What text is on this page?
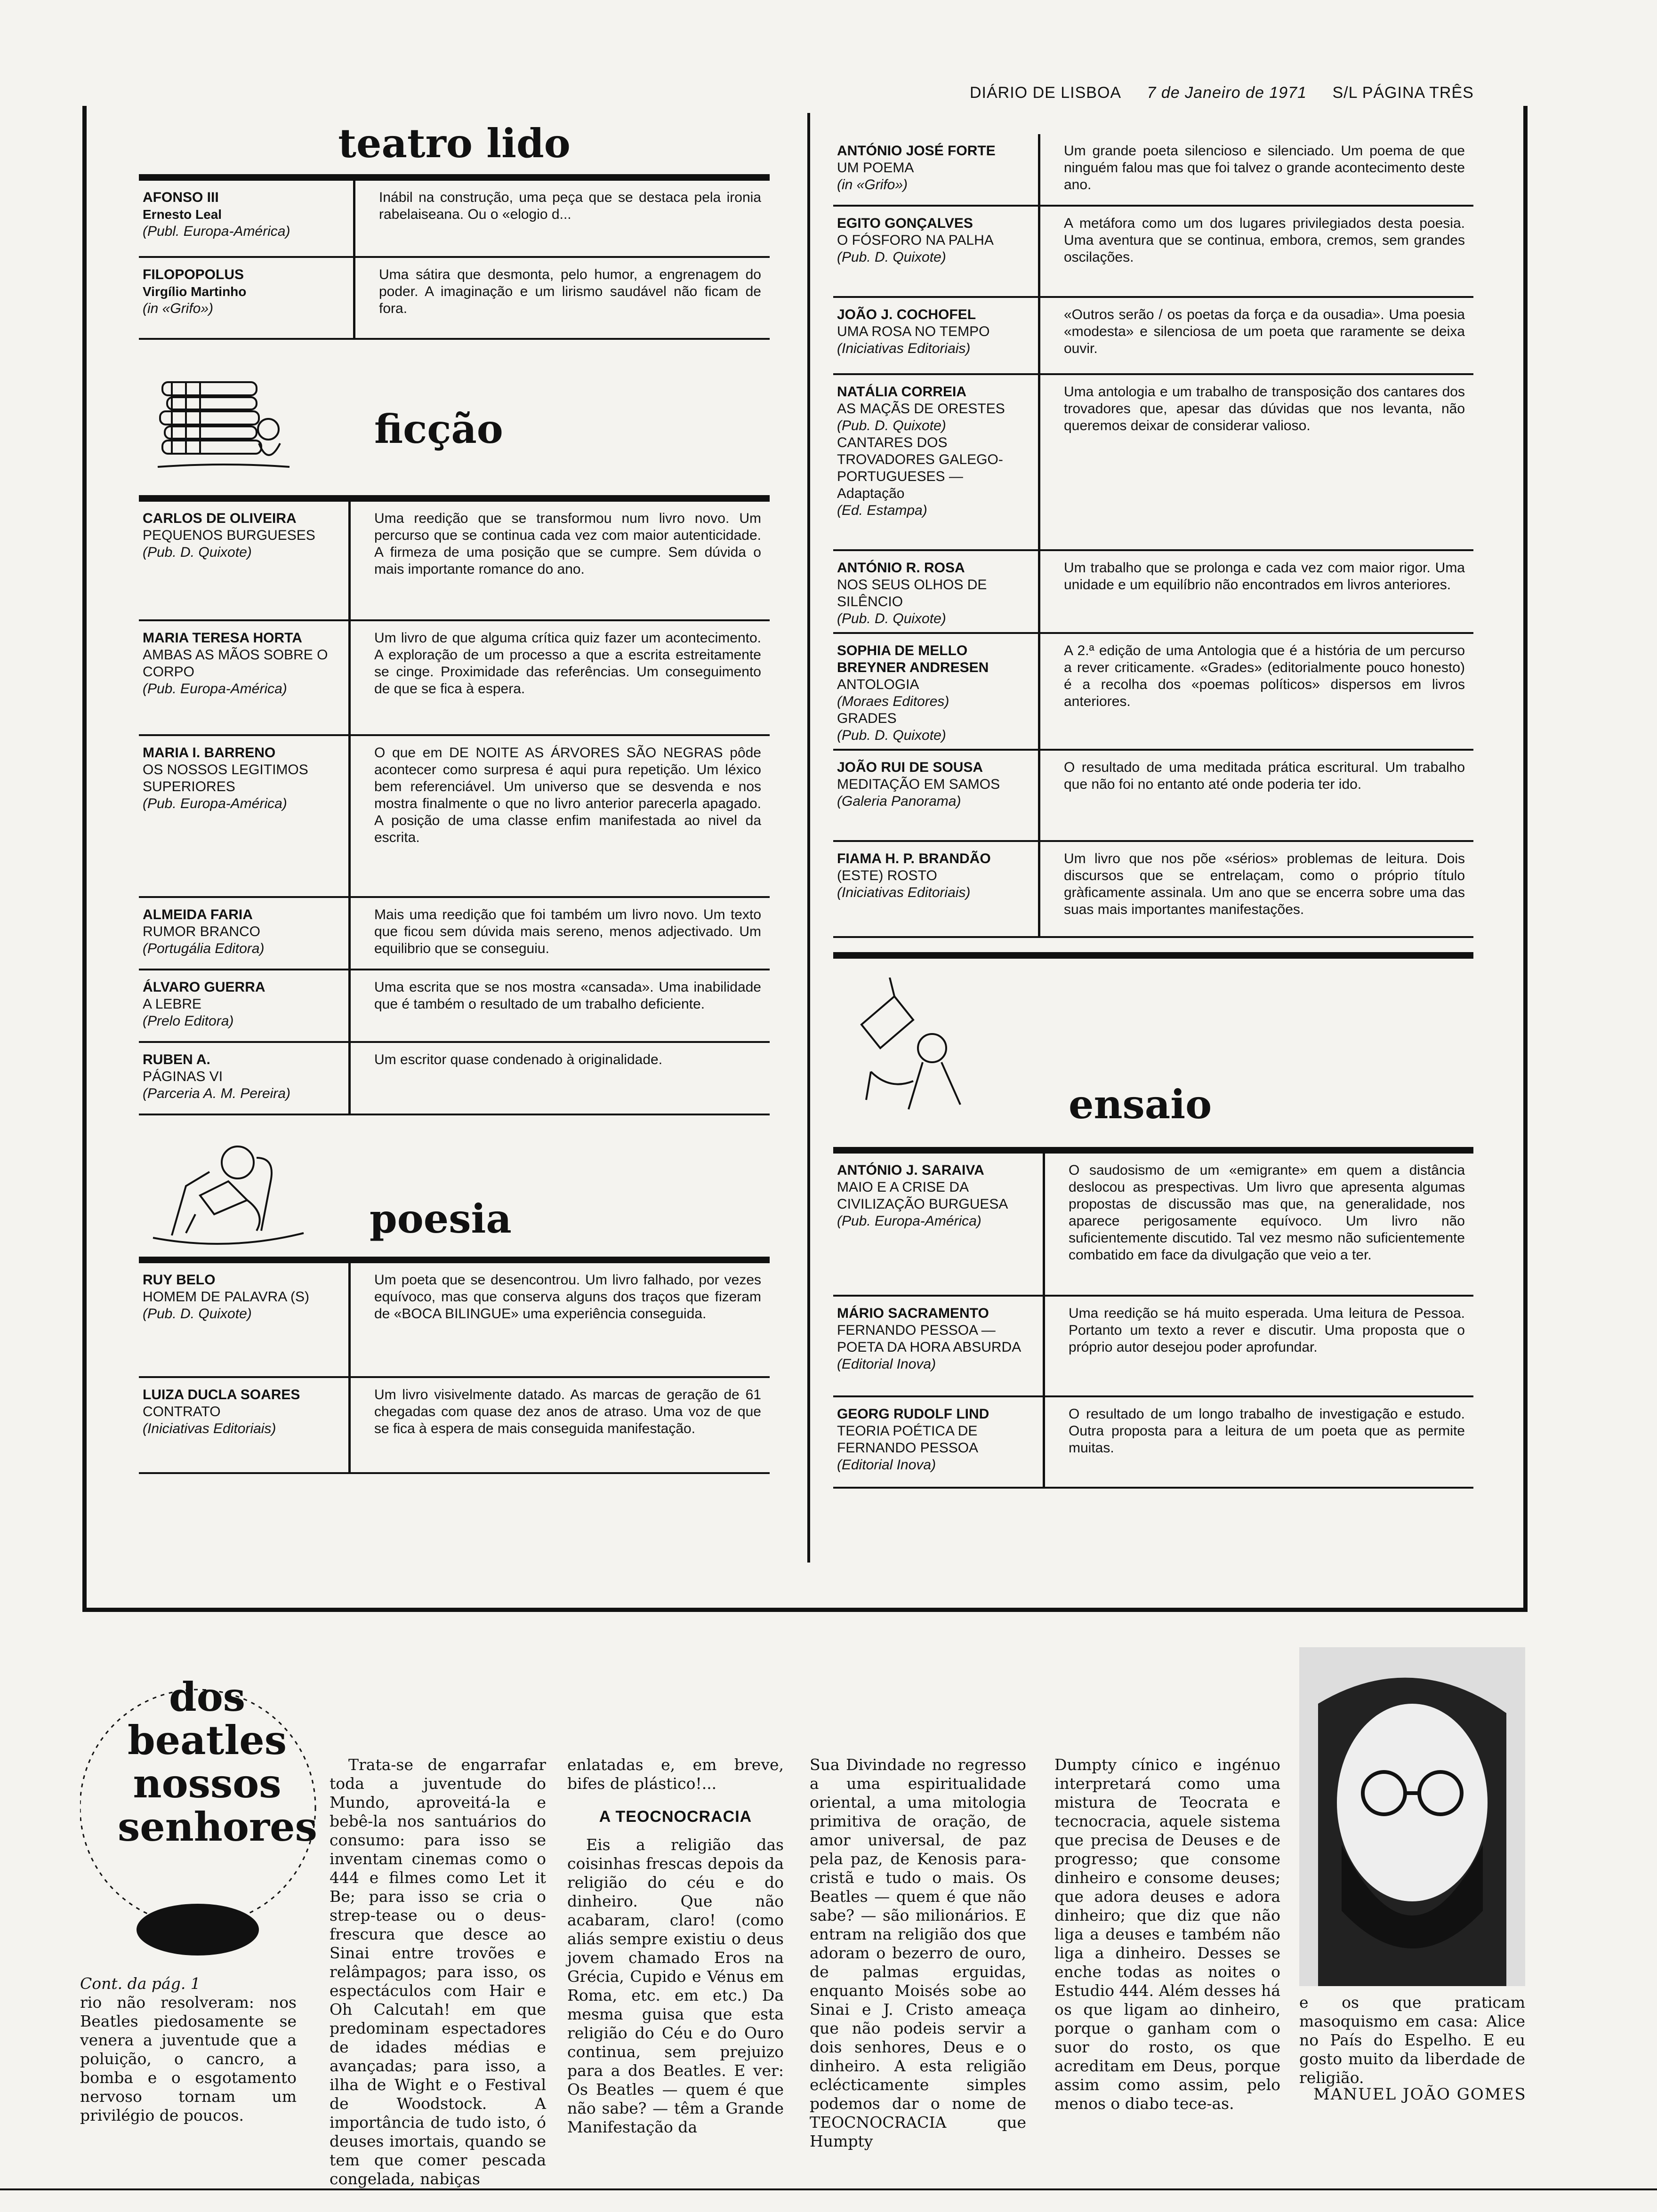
DIÁRIO DE LISBOA 7 de Janeiro de 1971 S/L PÁGINA TRÊS
teatro lido
AFONSO III
Ernesto Leal
(Publ. Europa-América)
Inábil na construção, uma peça que se destaca pela ironia rabelaiseana. Ou o «elogio d...
FILOPOPOLUS
Virgílio Martinho
(in «Grifo»)
Uma sátira que desmonta, pelo humor, a engrenagem do poder. A imaginação e um lirismo saudável não ficam de fora.
ficção
CARLOS DE OLIVEIRA
PEQUENOS BURGUESES
(Pub. D. Quixote)
Uma reedição que se transformou num livro novo. Um percurso que se continua cada vez com maior autenticidade. A firmeza de uma posição que se cumpre. Sem dúvida o mais importante romance do ano.
MARIA TERESA HORTA
AMBAS AS MÃOS SOBRE O CORPO
(Pub. Europa-América)
Um livro de que alguma crítica quiz fazer um acontecimento. A exploração de um processo a que a escrita estreitamente se cinge. Proximidade das referências. Um conseguimento de que se fica à espera.
MARIA I. BARRENO
OS NOSSOS LEGITIMOS SUPERIORES
(Pub. Europa-América)
O que em DE NOITE AS ÁRVORES SÃO NEGRAS pôde acontecer como surpresa é aqui pura repetição. Um léxico bem referenciável. Um universo que se desvenda e nos mostra finalmente o que no livro anterior parecerla apagado. A posição de uma classe enfim manifestada ao nivel da escrita.
ALMEIDA FARIA
RUMOR BRANCO
(Portugália Editora)
Mais uma reedição que foi também um livro novo. Um texto que ficou sem dúvida mais sereno, menos adjectivado. Um equilibrio que se conseguiu.
ÁLVARO GUERRA
A LEBRE
(Prelo Editora)
Uma escrita que se nos mostra «cansada». Uma inabilidade que é também o resultado de um trabalho deficiente.
RUBEN A.
PÁGINAS VI
(Parceria A. M. Pereira)
Um escritor quase condenado à originalidade.
poesia
RUY BELO
HOMEM DE PALAVRA (S)
(Pub. D. Quixote)
Um poeta que se desencontrou. Um livro falhado, por vezes equívoco, mas que conserva alguns dos traços que fizeram de «BOCA BILINGUE» uma experiência conseguida.
LUIZA DUCLA SOARES
CONTRATO
(Iniciativas Editoriais)
Um livro visivelmente datado. As marcas de geração de 61 chegadas com quase dez anos de atraso. Uma voz de que se fica à espera de mais conseguida manifestação.
ANTÓNIO JOSÉ FORTE
UM POEMA
(in «Grifo»)
Um grande poeta silencioso e silenciado. Um poema de que ninguém falou mas que foi talvez o grande acontecimento deste ano.
EGITO GONÇALVES
O FÓSFORO NA PALHA
(Pub. D. Quixote)
A metáfora como um dos lugares privilegiados desta poesia. Uma aventura que se continua, embora, cremos, sem grandes oscilações.
JOÃO J. COCHOFEL
UMA ROSA NO TEMPO
(Iniciativas Editoriais)
«Outros serão / os poetas da força e da ousadia». Uma poesia «modesta» e silenciosa de um poeta que raramente se deixa ouvir.
NATÁLIA CORREIA
AS MAÇÃS DE ORESTES
(Pub. D. Quixote)
CANTARES DOS TROVADORES GALEGO-PORTUGUESES — Adaptação
(Ed. Estampa)
Uma antologia e um trabalho de transposição dos cantares dos trovadores que, apesar das dúvidas que nos levanta, não queremos deixar de considerar valioso.
ANTÓNIO R. ROSA
NOS SEUS OLHOS DE SILÊNCIO
(Pub. D. Quixote)
Um trabalho que se prolonga e cada vez com maior rigor. Uma unidade e um equilíbrio não encontrados em livros anteriores.
SOPHIA DE MELLO BREYNER ANDRESEN
ANTOLOGIA
(Moraes Editores)
GRADES
(Pub. D. Quixote)
A 2.ª edição de uma Antologia que é a história de um percurso a rever criticamente. «Grades» (editorialmente pouco honesto) é a recolha dos «poemas políticos» dispersos em livros anteriores.
JOÃO RUI DE SOUSA
MEDITAÇÃO EM SAMOS
(Galeria Panorama)
O resultado de uma meditada prática escritural. Um trabalho que não foi no entanto até onde poderia ter ido.
FIAMA H. P. BRANDÃO
(ESTE) ROSTO
(Iniciativas Editoriais)
Um livro que nos põe «sérios» problemas de leitura. Dois discursos que se entrelaçam, como o próprio título gràficamente assinala. Um ano que se encerra sobre uma das suas mais importantes manifestações.
ensaio
ANTÓNIO J. SARAIVA
MAIO E A CRISE DA CIVILIZAÇÃO BURGUESA
(Pub. Europa-América)
O saudosismo de um «emigrante» em quem a distância deslocou as prespectivas. Um livro que apresenta algumas propostas de discussão mas que, na generalidade, nos aparece perigosamente equívoco. Um livro não suficientemente discutido. Tal vez mesmo não suficientemente combatido em face da divulgação que veio a ter.
MÁRIO SACRAMENTO
FERNANDO PESSOA — POETA DA HORA ABSURDA
(Editorial Inova)
Uma reedição se há muito esperada. Uma leitura de Pessoa. Portanto um texto a rever e discutir. Uma proposta que o próprio autor desejou poder aprofundar.
GEORG RUDOLF LIND
TEORIA POÉTICA DE FERNANDO PESSOA
(Editorial Inova)
O resultado de um longo trabalho de investigação e estudo. Outra proposta para a leitura de um poeta que as permite muitas.
dos
beatles
nossos
senhores
Cont. da pág. 1
rio não resolveram: nos Beatles piedosamente se venera a juventude que a poluição, o cancro, a bomba e o esgotamento nervoso tornam um privilégio de poucos.
Trata-se de engarrafar toda a juventude do Mundo, aproveitá-la e bebê-la nos santuários do consumo: para isso se inventam cinemas como o 444 e filmes como Let it Be; para isso se cria o strep-tease ou o deus-frescura que desce ao Sinai entre trovões e relâmpagos; para isso, os espectáculos com Hair e Oh Calcutah! em que predominam espectadores de idades médias e avançadas; para isso, a ilha de Wight e o Festival de Woodstock. A importância de tudo isto, ó deuses imortais, quando se tem que comer pescada congelada, nabiças
enlatadas e, em breve, bifes de plástico!...
A TEOCNOCRACIA
Eis a religião das coisinhas frescas depois da religião do céu e do dinheiro. Que não acabaram, claro! (como aliás sempre existiu o deus jovem chamado Eros na Grécia, Cupido e Vénus em Roma, etc. em etc.) Da mesma guisa que esta religião do Céu e do Ouro continua, sem prejuizo para a dos Beatles. E ver: Os Beatles — quem é que não sabe? — têm a Grande Manifestação da
Sua Divindade no regresso a uma espiritualidade oriental, a uma mitologia primitiva de oração, de amor universal, de paz pela paz, de Kenosis para-cristã e tudo o mais. Os Beatles — quem é que não sabe? — são milionários. E entram na religião dos que adoram o bezerro de ouro, de palmas erguidas, enquanto Moisés sobe ao Sinai e J. Cristo ameaça que não podeis servir a dois senhores, Deus e o dinheiro. A esta religião eclécticamente simples podemos dar o nome de TEOCNOCRACIA que Humpty
Dumpty cínico e ingénuo interpretará como uma mistura de Teocrata e tecnocracia, aquele sistema que precisa de Deuses e de progresso; que consome dinheiro e consome deuses; que adora deuses e adora dinheiro; que diz que não liga a deuses e também não liga a dinheiro. Desses se enche todas as noites o Estudio 444. Além desses há os que ligam ao dinheiro, porque o ganham com o suor do rosto, os que acreditam em Deus, porque assim como assim, pelo menos o diabo tece-as.
e os que praticam masoquismo em casa: Alice no País do Espelho. E eu gosto muito da liberdade de religião.
MANUEL JOÃO GOMES
